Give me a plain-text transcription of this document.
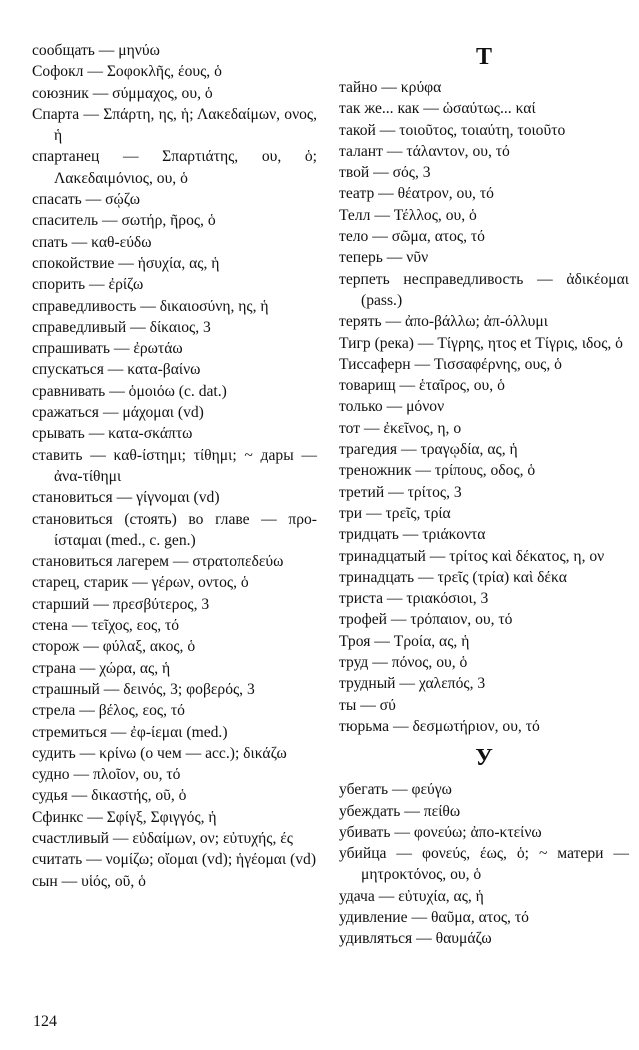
сообщать — μηνύω
Софокл — Σοφοκλῆς, έους, ὁ
союзник — σύμμαχος, ου, ὁ
Спарта — Σπάρτη, ης, ἡ; Λακεδαίμων, ονος, ἡ
спартанец — Σπαρτιάτης, ου, ὁ; Λακεδαιμόνιος, ου, ὁ
спасать — σῴζω
спаситель — σωτήρ, ῆρος, ὁ
спать — καθ-εύδω
спокойствие — ἡσυχία, ας, ἡ
спорить — ἐρίζω
справедливость — δικαιοσύνη, ης, ἡ
справедливый — δίκαιος, 3
спрашивать — ἐρωτάω
спускаться — κατα-βαίνω
сравнивать — ὁμοιόω (c. dat.)
сражаться — μάχομαι (vd)
срывать — κατα-σκάπτω
ставить — καθ-ίστημι; τίθημι; ~ дары — ἀνα-τίθημι
становиться — γίγνομαι (vd)
становиться (стоять) во главе — προ-ίσταμαι (med., c. gen.)
становиться лагерем — στρατοπεδεύω
старец, старик — γέρων, οντος, ὁ
старший — πρεσβύτερος, 3
стена — τεῖχος, εος, τό
сторож — φύλαξ, ακος, ὁ
страна — χώρα, ας, ἡ
страшный — δεινός, 3; φοβερός, 3
стрела — βέλος, εος, τό
стремиться — ἐφ-ίεμαι (med.)
судить — κρίνω (о чем — acc.); δικάζω
судно — πλοῖον, ου, τό
судья — δικαστής, οῦ, ὁ
Сфинкс — Σφίγξ, Σφιγγός, ἡ
счастливый — εὐδαίμων, ον; εὐτυχής, ές
считать — νομίζω; οἴομαι (vd); ἡγέομαι (vd)
сын — υἱός, οῦ, ὁ
Т
тайно — κρύφα
так же... как — ὡσαύτως... καί
такой — τοιοῦτος, τοιαύτη, τοιοῦτο
талант — τάλαντον, ου, τό
твой — σός, 3
театр — θέατρον, ου, τό
Телл — Τέλλος, ου, ὁ
тело — σῶμα, ατος, τό
теперь — νῦν
терпеть несправедливость — ἀδικέομαι (pass.)
терять — ἀπο-βάλλω; ἀπ-όλλυμι
Тигр (река) — Τίγρης, ητος et Τίγρις, ιδος, ὁ
Тиссаферн — Τισσαφέρνης, ους, ὁ
товарищ — ἑταῖρος, ου, ὁ
только — μόνον
тот — ἐκεῖνος, η, ο
трагедия — τραγῳδία, ας, ἡ
треножник — τρίπους, οδος, ὁ
третий — τρίτος, 3
три — τρεῖς, τρία
тридцать — τριάκοντα
тринадцатый — τρίτος καὶ δέκατος, η, ον
тринадцать — τρεῖς (τρία) καὶ δέκα
триста — τριακόσιοι, 3
трофей — τρόπαιον, ου, τό
Троя — Τροία, ας, ἡ
труд — πόνος, ου, ὁ
трудный — χαλεπός, 3
ты — σύ
тюрьма — δεσμωτήριον, ου, τό
У
убегать — φεύγω
убеждать — πείθω
убивать — φονεύω; ἀπο-κτείνω
убийца — φονεύς, έως, ὁ; ~ матери — μητροκτόνος, ου, ὁ
удача — εὐτυχία, ας, ἡ
удивление — θαῦμα, ατος, τό
удивляться — θαυμάζω
124
